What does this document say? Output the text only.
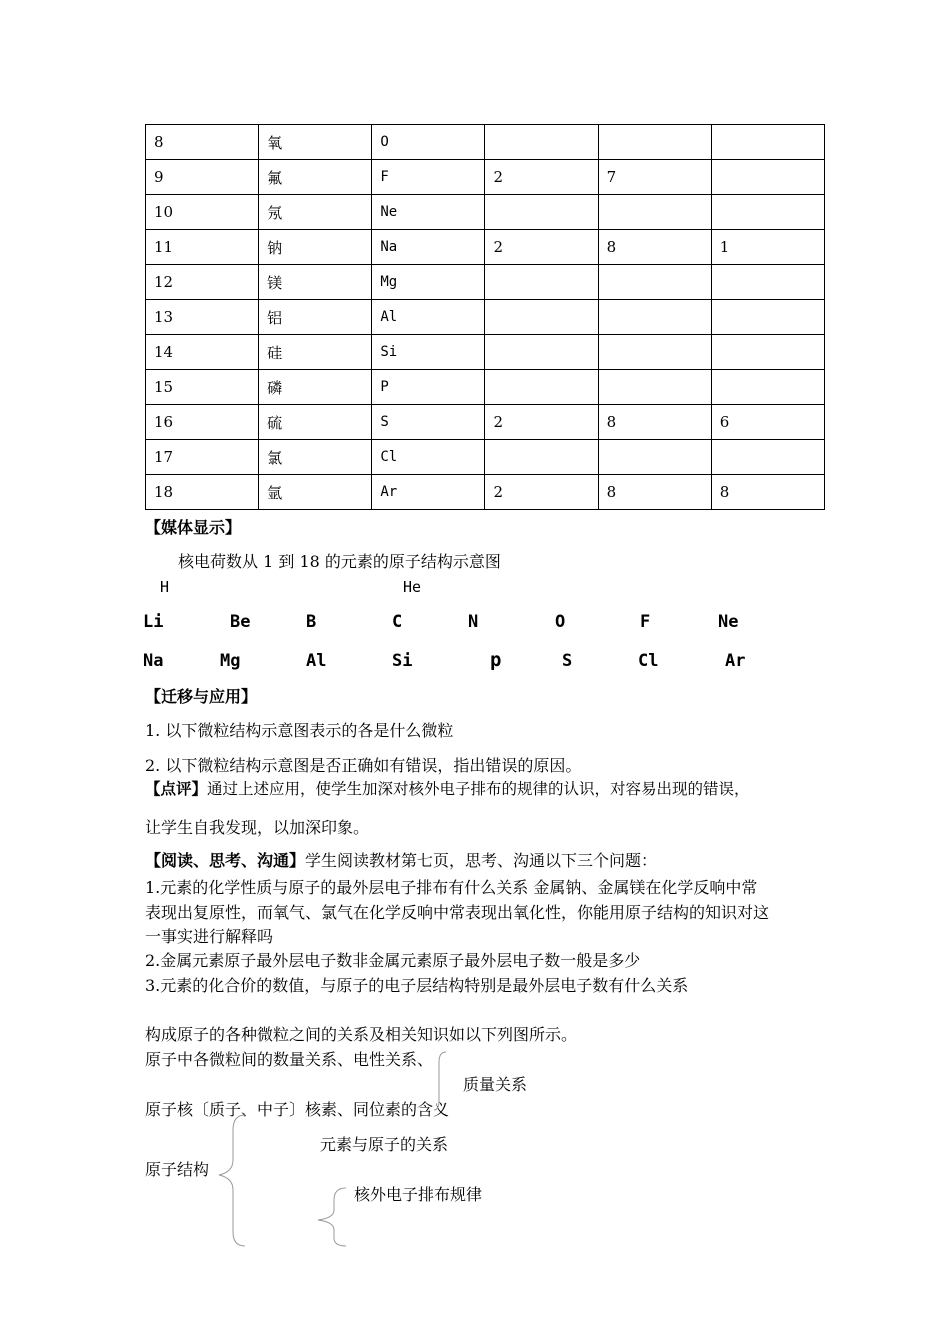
8	氧	O			
9	氟	F	2	7	
10	氖	Ne			
11	钠	Na	2	8	1
12	镁	Mg			
13	铝	Al			
14	硅	Si			
15	磷	P			
16	硫	S	2	8	6
17	氯	Cl			
18	氩	Ar	2	8	8
【媒体显示】
核电荷数从 1 到 18 的元素的原子结构示意图
H	He
Li	Be	B	C	N	O	F	Ne
Na	Mg	Al	Si	p	S	Cl	Ar
【迁移与应用】
1. 以下微粒结构示意图表示的各是什么微粒
2. 以下微粒结构示意图是否正确如有错误，指出错误的原因。
【点评】通过上述应用，使学生加深对核外电子排布的规律的认识，对容易出现的错误，
让学生自我发现，以加深印象。
【阅读、思考、沟通】学生阅读教材第七页，思考、沟通以下三个问题：
1.元素的化学性质与原子的最外层电子排布有什么关系 金属钠、金属镁在化学反响中常
表现出复原性，而氧气、氯气在化学反响中常表现出氧化性，你能用原子结构的知识对这
一事实进行解释吗
2.金属元素原子最外层电子数非金属元素原子最外层电子数一般是多少
3.元素的化合价的数值，与原子的电子层结构特别是最外层电子数有什么关系
构成原子的各种微粒之间的关系及相关知识如以下列图所示。
原子中各微粒间的数量关系、电性关系、
质量关系
原子核〔质子、中子〕核素、同位素的含义
元素与原子的关系
原子结构
核外电子排布规律
